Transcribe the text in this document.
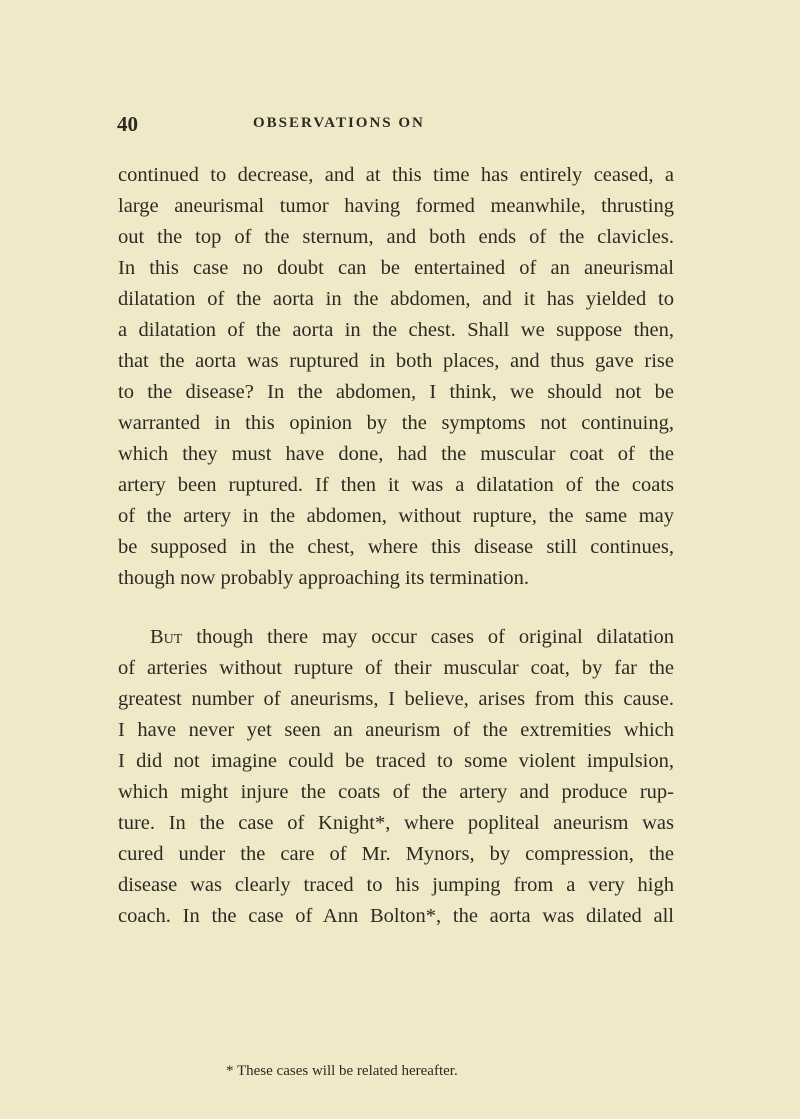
40	OBSERVATIONS ON
continued to decrease, and at this time has entirely ceased, a
large aneurismal tumor having formed meanwhile, thrusting
out the top of the sternum, and both ends of the clavicles.
In this case no doubt can be entertained of an aneurismal
dilatation of the aorta in the abdomen, and it has yielded to
a dilatation of the aorta in the chest. Shall we suppose then,
that the aorta was ruptured in both places, and thus gave rise
to the disease? In the abdomen, I think, we should not be
warranted in this opinion by the symptoms not continuing,
which they must have done, had the muscular coat of the
artery been ruptured. If then it was a dilatation of the coats
of the artery in the abdomen, without rupture, the same may
be supposed in the chest, where this disease still continues,
though now probably approaching its termination.
But though there may occur cases of original dilatation
of arteries without rupture of their muscular coat, by far the
greatest number of aneurisms, I believe, arises from this cause.
I have never yet seen an aneurism of the extremities which
I did not imagine could be traced to some violent impulsion,
which might injure the coats of the artery and produce rup-
ture. In the case of Knight*, where popliteal aneurism was
cured under the care of Mr. Mynors, by compression, the
disease was clearly traced to his jumping from a very high
coach. In the case of Ann Bolton*, the aorta was dilated all
* These cases will be related hereafter.
